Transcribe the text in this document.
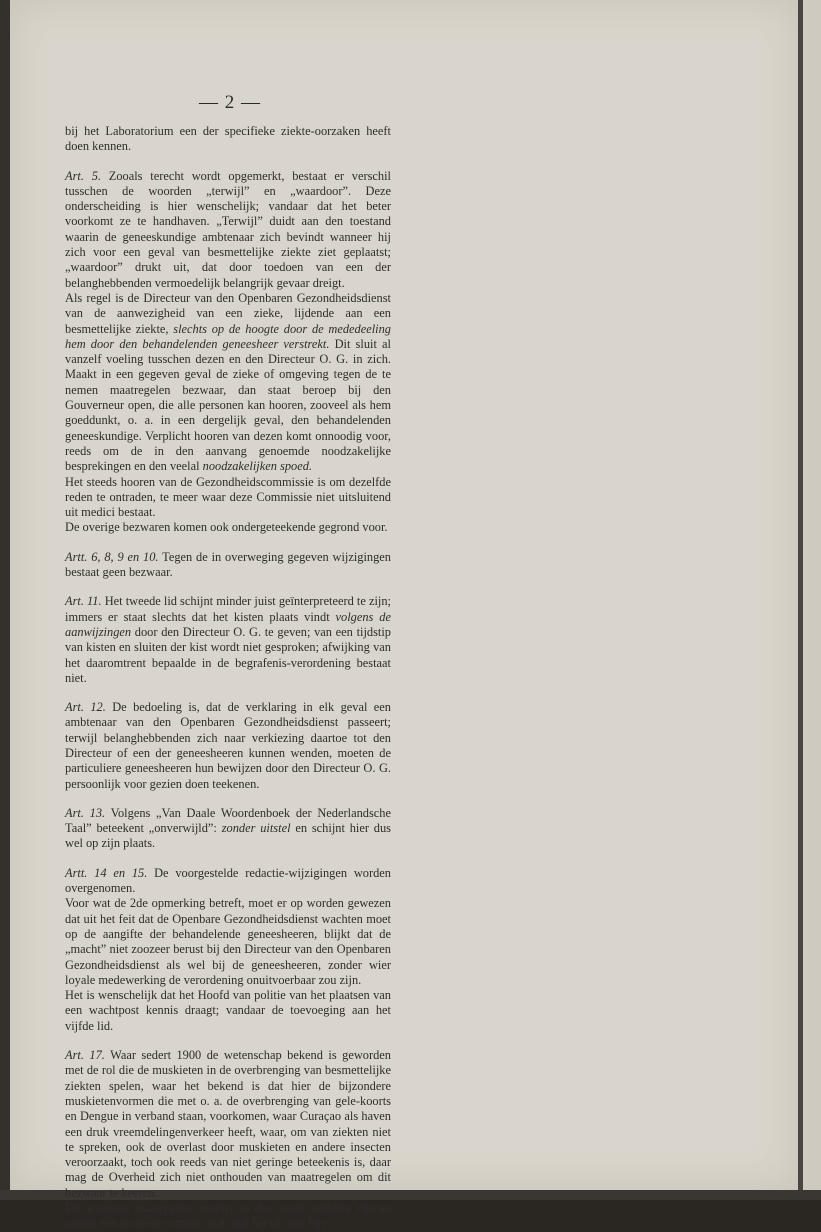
— 2 —

bij het Laboratorium een der specifieke ziekte-oorzaken heeft doen kennen.

Art. 5. Zooals terecht wordt opgemerkt, bestaat er verschil tusschen de woorden „terwijl” en „waardoor”. Deze onderscheiding is hier wenschelijk; vandaar dat het beter voorkomt ze te handhaven. „Terwijl” duidt aan den toestand waarin de geneeskundige ambtenaar zich bevindt wanneer hij zich voor een geval van besmettelijke ziekte ziet geplaatst; „waardoor” drukt uit, dat door toedoen van een der belanghebbenden vermoedelijk belangrijk gevaar dreigt.

Als regel is de Directeur van den Openbaren Gezondheidsdienst van de aanwezigheid van een zieke, lijdende aan een besmettelijke ziekte, slechts op de hoogte door de mededeeling hem door den behandelenden geneesheer verstrekt. Dit sluit al vanzelf voeling tusschen dezen en den Directeur O. G. in zich. Maakt in een gegeven geval de zieke of omgeving tegen de te nemen maatregelen bezwaar, dan staat beroep bij den Gouverneur open, die alle personen kan hooren, zooveel als hem goeddunkt, o. a. in een dergelijk geval, den behandelenden geneeskundige. Verplicht hooren van dezen komt onnoodig voor, reeds om de in den aanvang genoemde noodzakelijke besprekingen en den veelal noodzakelijken spoed.

Het steeds hooren van de Gezondheidscommissie is om dezelfde reden te ontraden, te meer waar deze Commissie niet uitsluitend uit medici bestaat.

De overige bezwaren komen ook ondergeteekende gegrond voor.

Artt. 6, 8, 9 en 10. Tegen de in overweging gegeven wijzigingen bestaat geen bezwaar.

Art. 11. Het tweede lid schijnt minder juist geïnterpreteerd te zijn; immers er staat slechts dat het kisten plaats vindt volgens de aanwijzingen door den Directeur O. G. te geven; van een tijdstip van kisten en sluiten der kist wordt niet gesproken; afwijking van het daaromtrent bepaalde in de begrafenis-verordening bestaat niet.

Art. 12. De bedoeling is, dat de verklaring in elk geval een ambtenaar van den Openbaren Gezondheidsdienst passeert; terwijl belanghebbenden zich naar verkiezing daartoe tot den Directeur of een der geneesheeren kunnen wenden, moeten de particuliere geneesheeren hun bewijzen door den Directeur O. G. persoonlijk voor gezien doen teekenen.

Art. 13. Volgens „Van Daale Woordenboek der Nederlandsche Taal” beteekent „onverwijld”: zonder uitstel en schijnt hier dus wel op zijn plaats.

Artt. 14 en 15. De voorgestelde redactie-wijzigingen worden overgenomen.

Voor wat de 2de opmerking betreft, moet er op worden gewezen dat uit het feit dat de Openbare Gezondheidsdienst wachten moet op de aangifte der behandelende geneesheeren, blijkt dat de „macht” niet zoozeer berust bij den Directeur van den Openbaren Gezondheidsdienst als wel bij de geneesheeren, zonder wier loyale medewerking de verordening onuitvoerbaar zou zijn.

Het is wenschelijk dat het Hoofd van politie van het plaatsen van een wachtpost kennis draagt; vandaar de toevoeging aan het vijfde lid.

Art. 17. Waar sedert 1900 de wetenschap bekend is geworden met de rol die de muskieten in de overbrenging van besmettelijke ziekten spelen, waar het bekend is dat hier de bijzondere muskietenvormen die met o. a. de overbrenging van gele-koorts en Dengue in verband staan, voorkomen, waar Curaçao als haven een druk vreemdelingenverkeer heeft, waar, om van ziekten niet te spreken, ook de overlast door muskieten en andere insecten veroorzaakt, toch ook reeds van niet geringe beteekenis is, daar mag de Overheid zich niet onthouden van maatregelen om dit bezwaar te keeren.

De te nemen maatregelen moeten te dien einde volledig zijn en samen een systeem vormen; wat baat het of men bijv.
